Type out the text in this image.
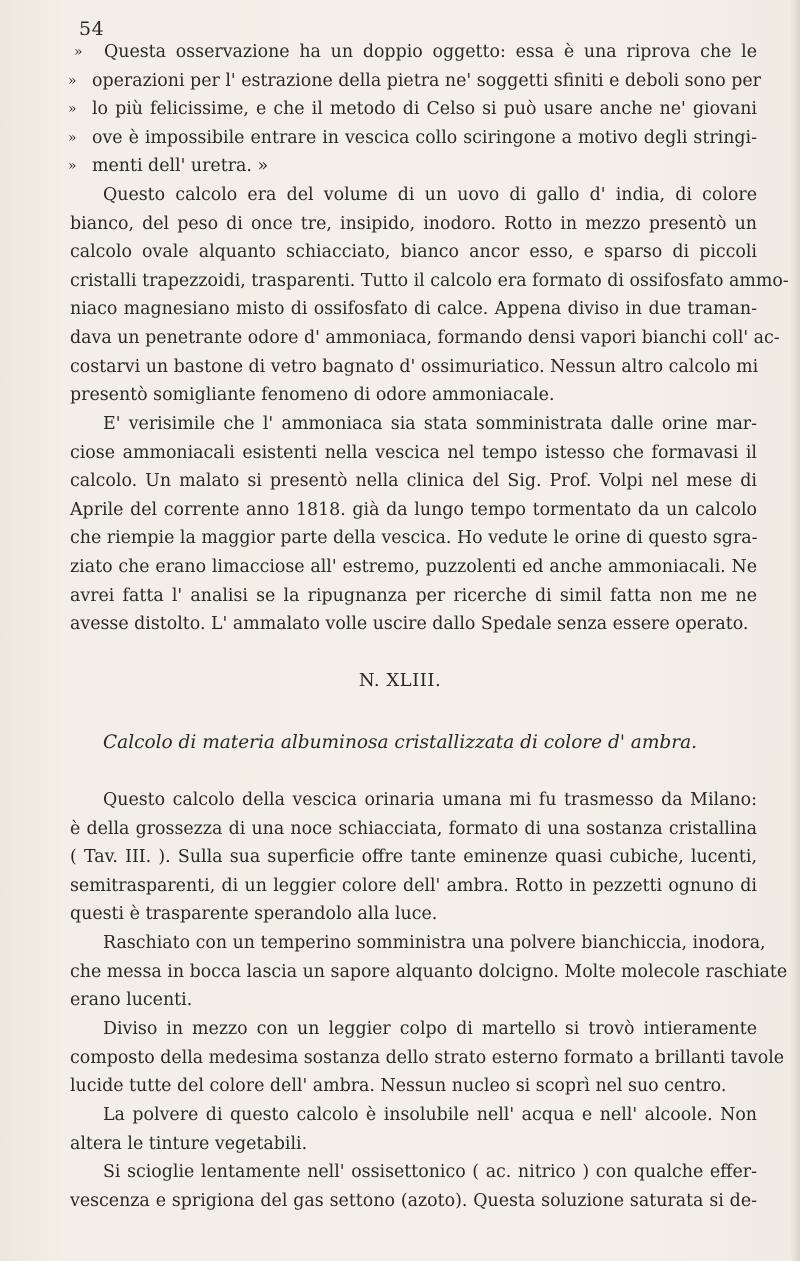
54
» Questa osservazione ha un doppio oggetto: essa è una riprova che le
» operazioni per l' estrazione della pietra ne' soggetti sfiniti e deboli sono per
» lo più felicissime, e che il metodo di Celso si può usare anche ne' giovani
» ove è impossibile entrare in vescica collo sciringone a motivo degli stringi-
» menti dell' uretra. »
Questo calcolo era del volume di un uovo di gallo d' india, di colore
bianco, del peso di once tre, insipido, inodoro. Rotto in mezzo presentò un
calcolo ovale alquanto schiacciato, bianco ancor esso, e sparso di piccoli
cristalli trapezzoidi, trasparenti. Tutto il calcolo era formato di ossifosfato ammo-
niaco magnesiano misto di ossifosfato di calce. Appena diviso in due traman-
dava un penetrante odore d' ammoniaca, formando densi vapori bianchi coll' ac-
costarvi un bastone di vetro bagnato d' ossimuriatico. Nessun altro calcolo mi
presentò somigliante fenomeno di odore ammoniacale.
E' verisimile che l' ammoniaca sia stata somministrata dalle orine mar-
ciose ammoniacali esistenti nella vescica nel tempo istesso che formavasi il
calcolo. Un malato si presentò nella clinica del Sig. Prof. Volpi nel mese di
Aprile del corrente anno 1818. già da lungo tempo tormentato da un calcolo
che riempie la maggior parte della vescica. Ho vedute le orine di questo sgra-
ziato che erano limacciose all' estremo, puzzolenti ed anche ammoniacali. Ne
avrei fatta l' analisi se la ripugnanza per ricerche di simil fatta non me ne
avesse distolto. L' ammalato volle uscire dallo Spedale senza essere operato.
N. XLIII.
Calcolo di materia albuminosa cristallizzata di colore d' ambra.
Questo calcolo della vescica orinaria umana mi fu trasmesso da Milano:
è della grossezza di una noce schiacciata, formato di una sostanza cristallina
( Tav. III. ). Sulla sua superficie offre tante eminenze quasi cubiche, lucenti,
semitrasparenti, di un leggier colore dell' ambra. Rotto in pezzetti ognuno di
questi è trasparente sperandolo alla luce.
Raschiato con un temperino somministra una polvere bianchiccia, inodora,
che messa in bocca lascia un sapore alquanto dolcigno. Molte molecole raschiate
erano lucenti.
Diviso in mezzo con un leggier colpo di martello si trovò intieramente
composto della medesima sostanza dello strato esterno formato a brillanti tavole
lucide tutte del colore dell' ambra. Nessun nucleo si scoprì nel suo centro.
La polvere di questo calcolo è insolubile nell' acqua e nell' alcoole. Non
altera le tinture vegetabili.
Si scioglie lentamente nell' ossisettonico ( ac. nitrico ) con qualche effer-
vescenza e sprigiona del gas settono (azoto). Questa soluzione saturata si de-
